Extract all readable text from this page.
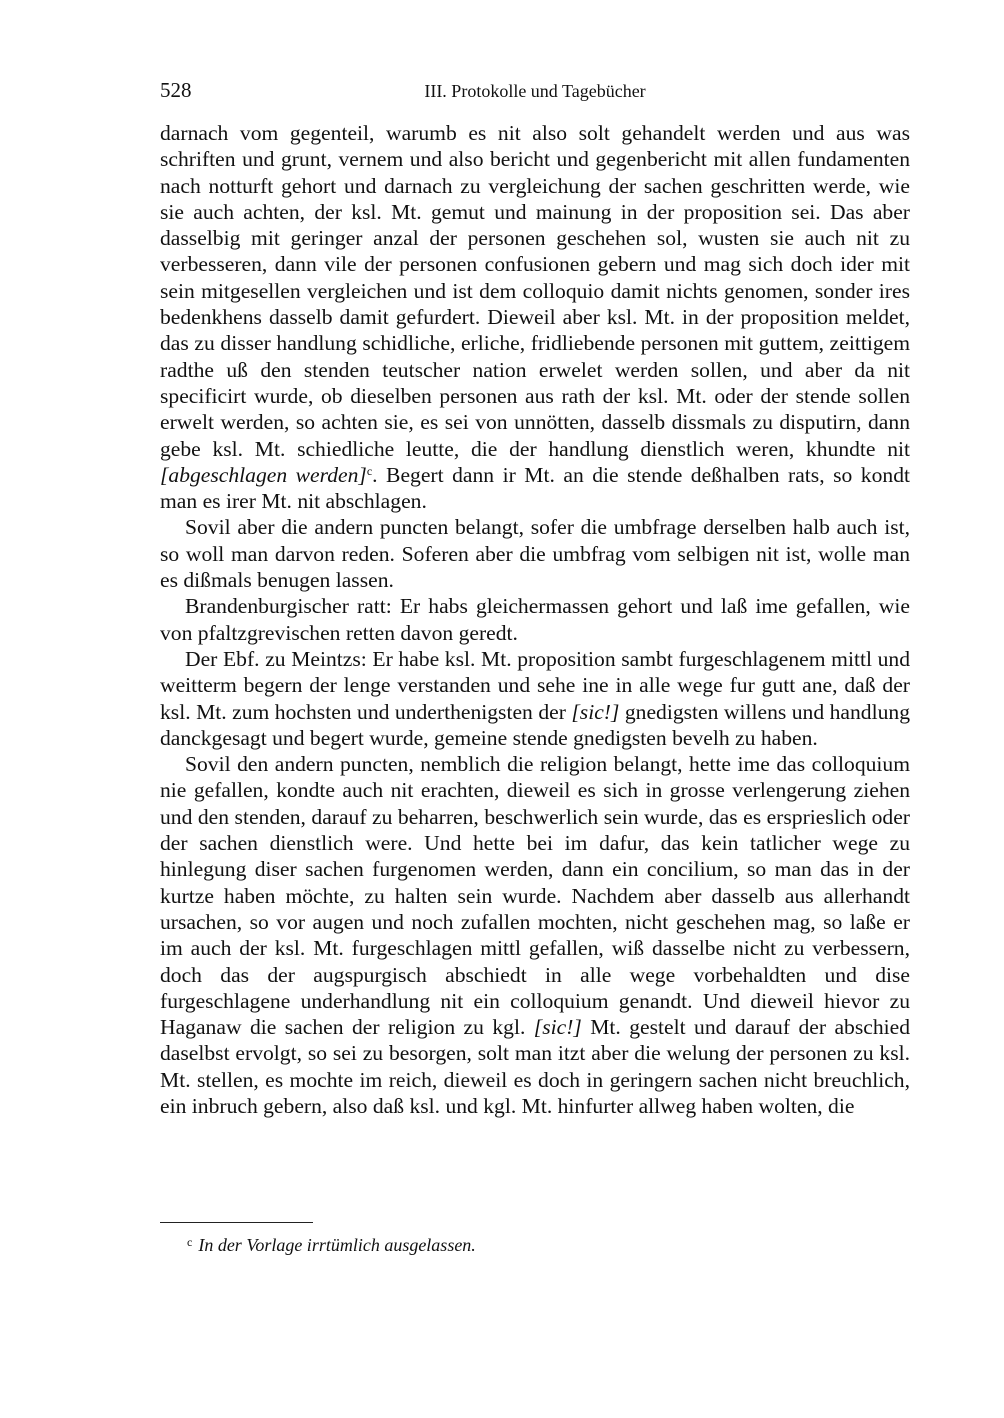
528	III. Protokolle und Tagebücher

darnach vom gegenteil, warumb es nit also solt gehandelt werden und aus was schriften und grunt, vernem und also bericht und gegenbericht mit allen fundamenten nach notturft gehort und darnach zu vergleichung der sachen geschritten werde, wie sie auch achten, der ksl. Mt. gemut und mainung in der proposition sei. Das aber dasselbig mit geringer anzal der personen geschehen sol, wusten sie auch nit zu verbesseren, dann vile der personen confusionen gebern und mag sich doch ider mit sein mitgesellen vergleichen und ist dem colloquio damit nichts genomen, sonder ires bedenkhens dasselb damit gefurdert. Dieweil aber ksl. Mt. in der proposition meldet, das zu disser handlung schidliche, erliche, fridliebende personen mit guttem, zeittigem radthe uß den stenden teutscher nation erwelet werden sollen, und aber da nit specificirt wurde, ob dieselben personen aus rath der ksl. Mt. oder der stende sollen erwelt werden, so achten sie, es sei von unnötten, dasselb dissmals zu disputirn, dann gebe ksl. Mt. schiedliche leutte, die der handlung dienstlich weren, khundte nit [abgeschlagen werden]$^c$. Begert dann ir Mt. an die stende deßhalben rats, so kondt man es irer Mt. nit abschlagen.

Sovil aber die andern puncten belangt, sofer die umbfrage derselben halb auch ist, so woll man darvon reden. Soferen aber die umbfrag vom selbigen nit ist, wolle man es dißmals benugen lassen.

Brandenburgischer ratt: Er habs gleichermassen gehort und laß ime gefallen, wie von pfaltzgrevischen retten davon geredt.

Der Ebf. zu Meintzs: Er habe ksl. Mt. proposition sambt furgeschlagenem mittl und weitterm begern der lenge verstanden und sehe ine in alle wege fur gutt ane, daß der ksl. Mt. zum hochsten und underthenigsten der [sic!] gnedigsten willens und handlung danckgesagt und begert wurde, gemeine stende gnedigsten bevelh zu haben.

Sovil den andern puncten, nemblich die religion belangt, hette ime das colloquium nie gefallen, kondte auch nit erachten, dieweil es sich in grosse verlengerung ziehen und den stenden, darauf zu beharren, beschwerlich sein wurde, das es ersprieslich oder der sachen dienstlich were. Und hette bei im dafur, das kein tatlicher wege zu hinlegung diser sachen furgenomen werden, dann ein concilium, so man das in der kurtze haben möchte, zu halten sein wurde. Nachdem aber dasselb aus allerhandt ursachen, so vor augen und noch zufallen mochten, nicht geschehen mag, so laße er im auch der ksl. Mt. furgeschlagen mittl gefallen, wiß dasselbe nicht zu verbessern, doch das der augspurgisch abschiedt in alle wege vorbehaldten und dise furgeschlagene underhandlung nit ein colloquium genandt. Und dieweil hievor zu Haganaw die sachen der religion zu kgl. [sic!] Mt. gestelt und darauf der abschied daselbst ervolgt, so sei zu besorgen, solt man itzt aber die welung der personen zu ksl. Mt. stellen, es mochte im reich, dieweil es doch in geringern sachen nicht breuchlich, ein inbruch gebern, also daß ksl. und kgl. Mt. hinfurter allweg haben wolten, die

$^c$ In der Vorlage irrtümlich ausgelassen.
